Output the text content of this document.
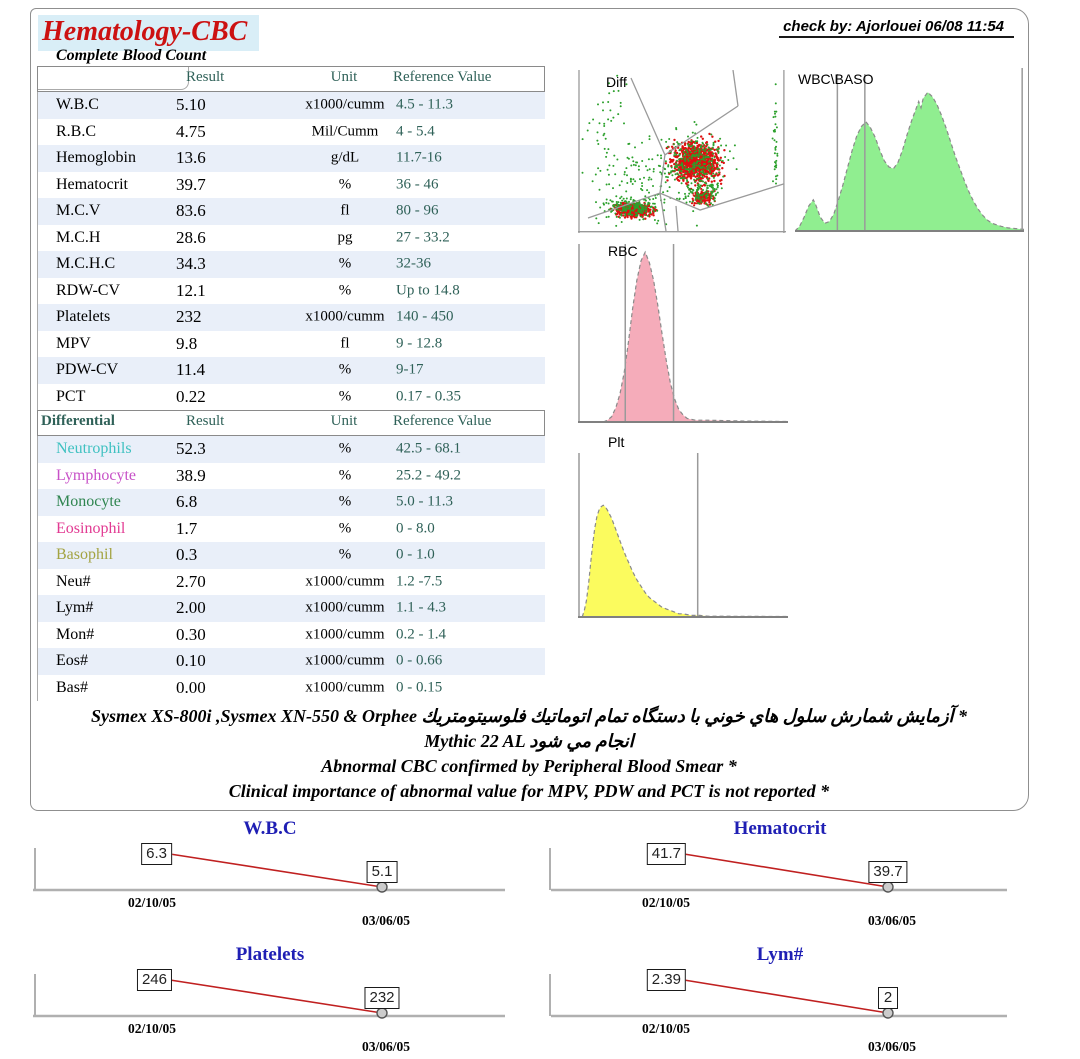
Hematology-CBC
Complete Blood Count
check by: Ajorlouei 06/08 11:54
Result	Unit	Reference Value
W.B.C	5.10	x1000/cumm 4.5 - 11.3
R.B.C	4.75	Mil/Cumm	4 - 5.4
Hemoglobin 13.6	g/dL	11.7-16
Hematocrit	39.7	%	36 - 46
M.C.V	83.6	fl	80 - 96
M.C.H	28.6	pg	27 - 33.2
M.C.H.C	34.3	%	32-36
RDW-CV	12.1	%	Up to 14.8
Platelets	232	x1000/cumm 140 - 450
MPV	9.8	fl	9 - 12.8
PDW-CV	11.4	%	9-17
PCT	0.22	%	0.17 - 0.35
Differential	Result	Unit	Reference Value
Neutrophils	52.3	%	42.5 - 68.1
Lymphocyte 38.9	%	25.2 - 49.2
Monocyte	6.8	%	5.0 - 11.3
Eosinophil	1.7	%	0 - 8.0
Basophil	0.3	%	0 - 1.0
Neu#	2.70	x1000/cumm 1.2 -7.5
Lym#	2.00	x1000/cumm 1.1 - 4.3
Mon#	0.30	x1000/cumm 0.2 - 1.4
Eos#	0.10	x1000/cumm 0 - 0.66
Bas#	0.00	x1000/cumm 0 - 0.15
Diff	WBC\BASO
RBC
Plt
* آزمايش شمارش سلول هاي خوني با دستگاه تمام اتوماتيك فلوسيتومتريك Sysmex XS-800i ,Sysmex XN-550 & Orphee
Mythic 22 AL انجام مي شود
Abnormal CBC confirmed by Peripheral Blood Smear *
Clinical importance of abnormal value for MPV, PDW and PCT is not reported *
W.B.C
6.3
5.1
02/10/05
03/06/05
Hematocrit
41.7
39.7
02/10/05
03/06/05
Platelets
246
232
02/10/05
03/06/05
Lym#
2.39
2
02/10/05
03/06/05
